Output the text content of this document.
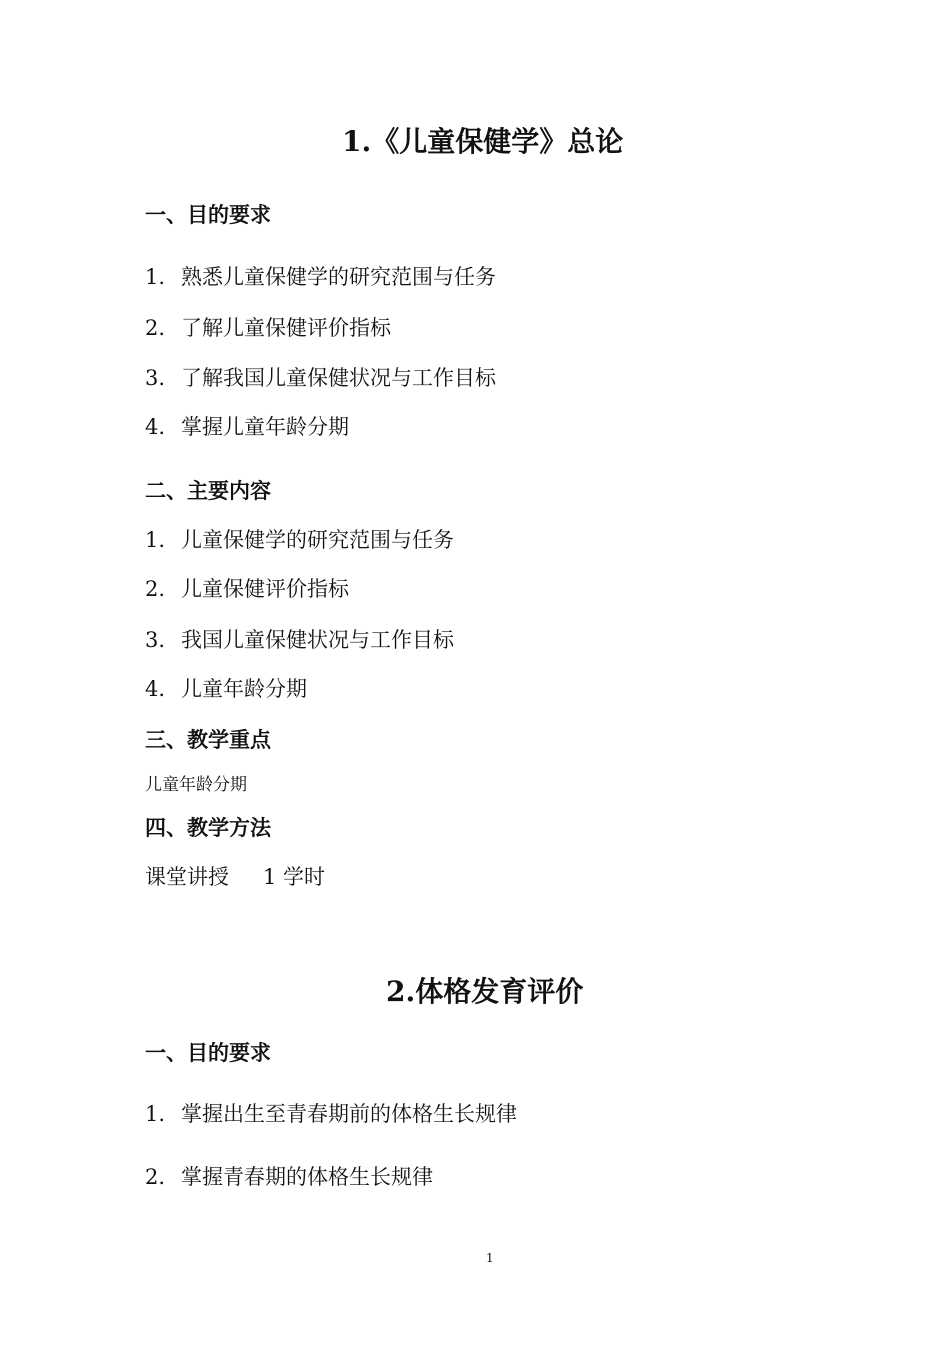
1.《儿童保健学》总论
一、目的要求
1. 熟悉儿童保健学的研究范围与任务
2. 了解儿童保健评价指标
3. 了解我国儿童保健状况与工作目标
4. 掌握儿童年龄分期
二、主要内容
1. 儿童保健学的研究范围与任务
2. 儿童保健评价指标
3. 我国儿童保健状况与工作目标
4. 儿童年龄分期
三、教学重点
儿童年龄分期
四、教学方法
课堂讲授 1 学时
2.体格发育评价
一、目的要求
1. 掌握出生至青春期前的体格生长规律
2. 掌握青春期的体格生长规律
1
